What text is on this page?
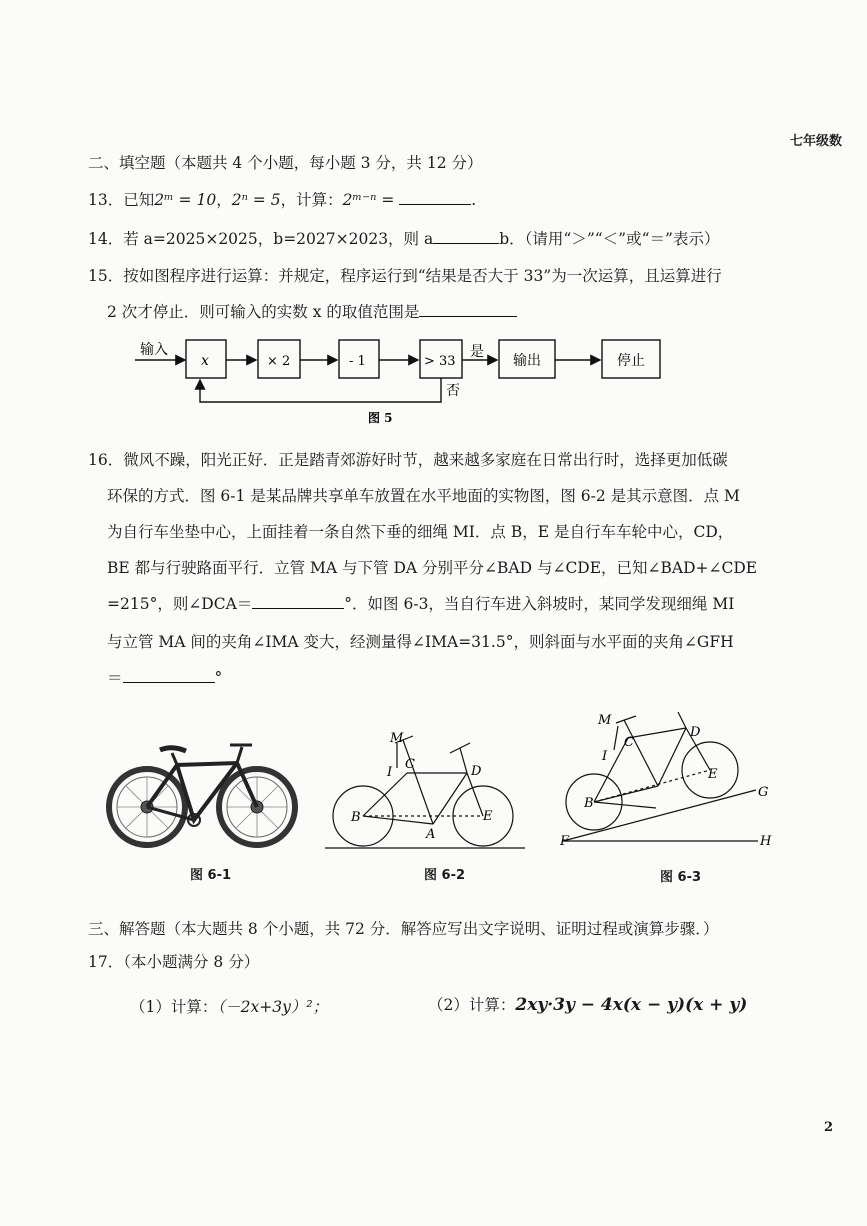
七年级数
二、填空题（本题共 4 个小题，每小题 3 分，共 12 分）
13．已知2ᵐ = 10，2ⁿ = 5，计算：2ᵐ⁻ⁿ =	.
14．若 a=2025×2025，b=2027×2023，则 a	b．（请用“＞”“＜”或“＝”表示）
15．按如图程序进行运算：并规定，程序运行到“结果是否大于 33”为一次运算，且运算进行
2 次才停止．则可输入的实数 x 的取值范围是
输入
x	× 2	- 1	> 33
是
否
输出	停止
图 5
16．微风不躁，阳光正好．正是踏青郊游好时节，越来越多家庭在日常出行时，选择更加低碳
环保的方式．图 6-1 是某品牌共享单车放置在水平地面的实物图，图 6-2 是其示意图．点 M
为自行车坐垫中心，上面挂着一条自然下垂的细绳 MI．点 B，E 是自行车车轮中心，CD，
BE 都与行驶路面平行．立管 MA 与下管 DA 分别平分∠BAD 与∠CDE，已知∠BAD+∠CDE
=215°，则∠DCA＝	°．如图 6-3，当自行车进入斜坡时，某同学发现细绳 MI
与立管 MA 间的夹角∠IMA 变大，经测量得∠IMA=31.5°，则斜面与水平面的夹角∠GFH
＝	°
图 6-1
M
I
C	D
B
A
E
图 6-2
M
I
C
D
B
E
G
F	H
图 6-3
三、解答题（本大题共 8 个小题，共 72 分．解答应写出文字说明、证明过程或演算步骤．）
17．（本小题满分 8 分）
（1）计算：（－2x+3y）²；	（2）计算：2xy·3y − 4x(x − y)(x + y)
2
